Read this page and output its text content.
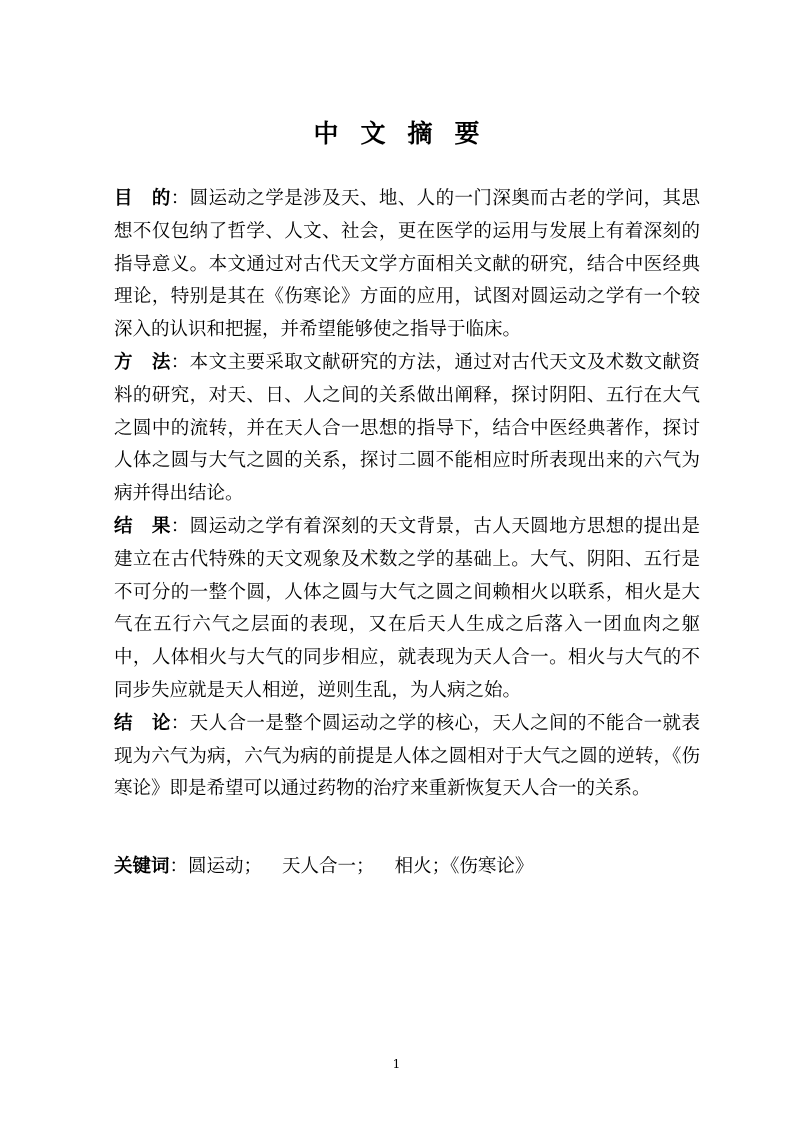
中文摘要

目　的：圆运动之学是涉及天、地、人的一门深奥而古老的学问，其思想不仅包纳了哲学、人文、社会，更在医学的运用与发展上有着深刻的指导意义。本文通过对古代天文学方面相关文献的研究，结合中医经典理论，特别是其在《伤寒论》方面的应用，试图对圆运动之学有一个较深入的认识和把握，并希望能够使之指导于临床。

方　法：本文主要采取文献研究的方法，通过对古代天文及术数文献资料的研究，对天、日、人之间的关系做出阐释，探讨阴阳、五行在大气之圆中的流转，并在天人合一思想的指导下，结合中医经典著作，探讨人体之圆与大气之圆的关系，探讨二圆不能相应时所表现出来的六气为病并得出结论。

结　果：圆运动之学有着深刻的天文背景，古人天圆地方思想的提出是建立在古代特殊的天文观象及术数之学的基础上。大气、阴阳、五行是不可分的一整个圆，人体之圆与大气之圆之间赖相火以联系，相火是大气在五行六气之层面的表现，又在后天人生成之后落入一团血肉之躯中，人体相火与大气的同步相应，就表现为天人合一。相火与大气的不同步失应就是天人相逆，逆则生乱，为人病之始。

结　论：天人合一是整个圆运动之学的核心，天人之间的不能合一就表现为六气为病，六气为病的前提是人体之圆相对于大气之圆的逆转，《伤寒论》即是希望可以通过药物的治疗来重新恢复天人合一的关系。

关键词：圆运动； 天人合一； 相火；《伤寒论》
1
